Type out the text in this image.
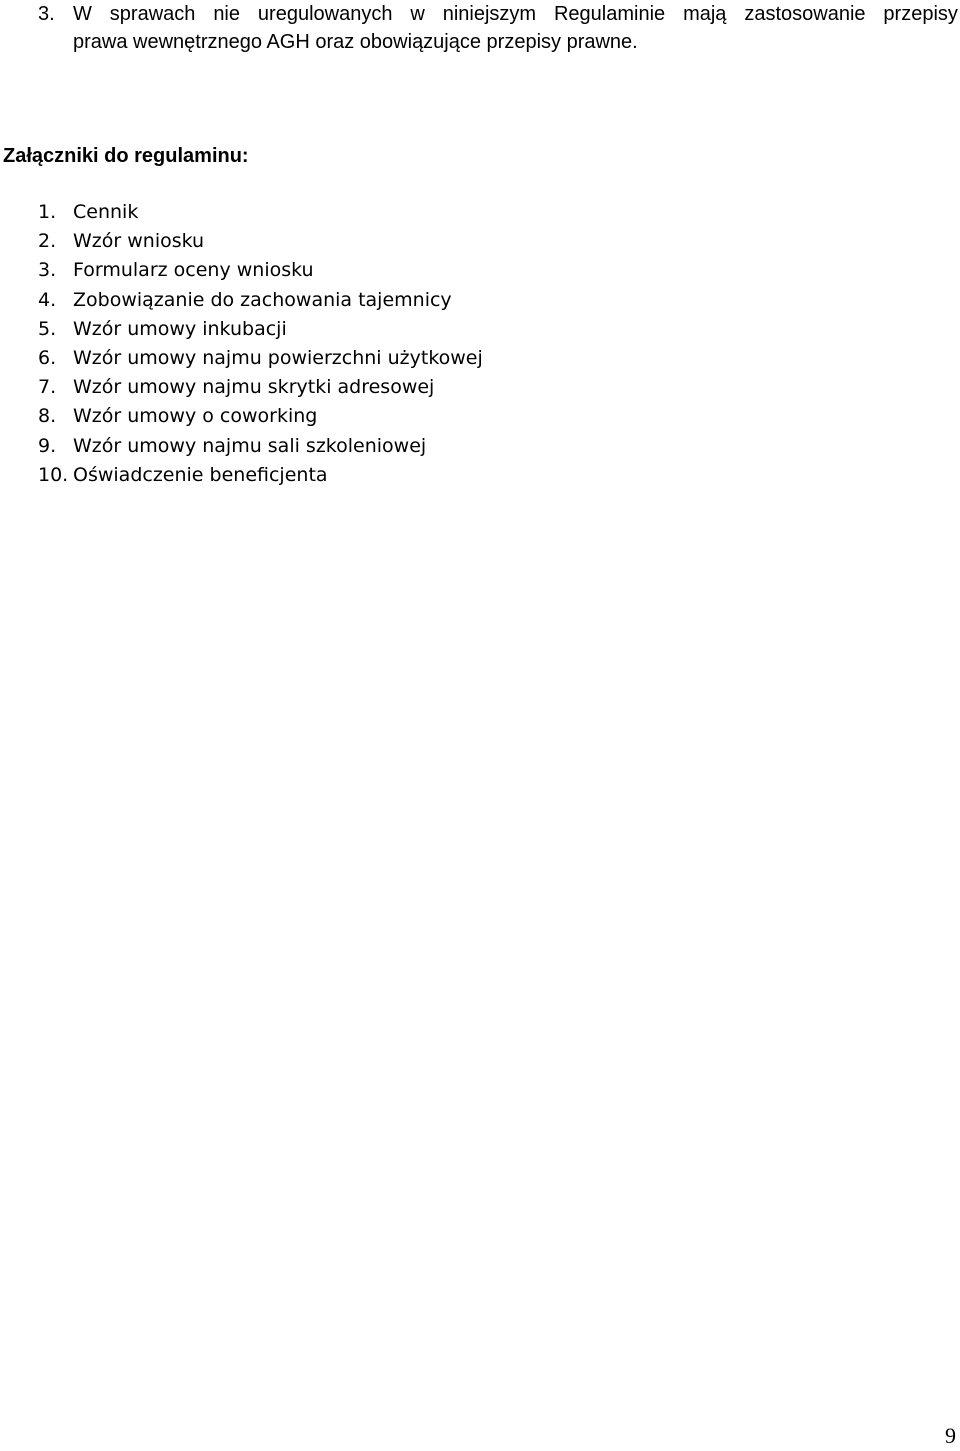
3. W sprawach nie uregulowanych w niniejszym Regulaminie mają zastosowanie przepisy
prawa wewnętrznego AGH oraz obowiązujące przepisy prawne.
Załączniki do regulaminu:
1. Cennik
2. Wzór wniosku
3. Formularz oceny wniosku
4. Zobowiązanie do zachowania tajemnicy
5. Wzór umowy inkubacji
6. Wzór umowy najmu powierzchni użytkowej
7. Wzór umowy najmu skrytki adresowej
8. Wzór umowy o coworking
9. Wzór umowy najmu sali szkoleniowej
10. Oświadczenie beneficjenta
9
